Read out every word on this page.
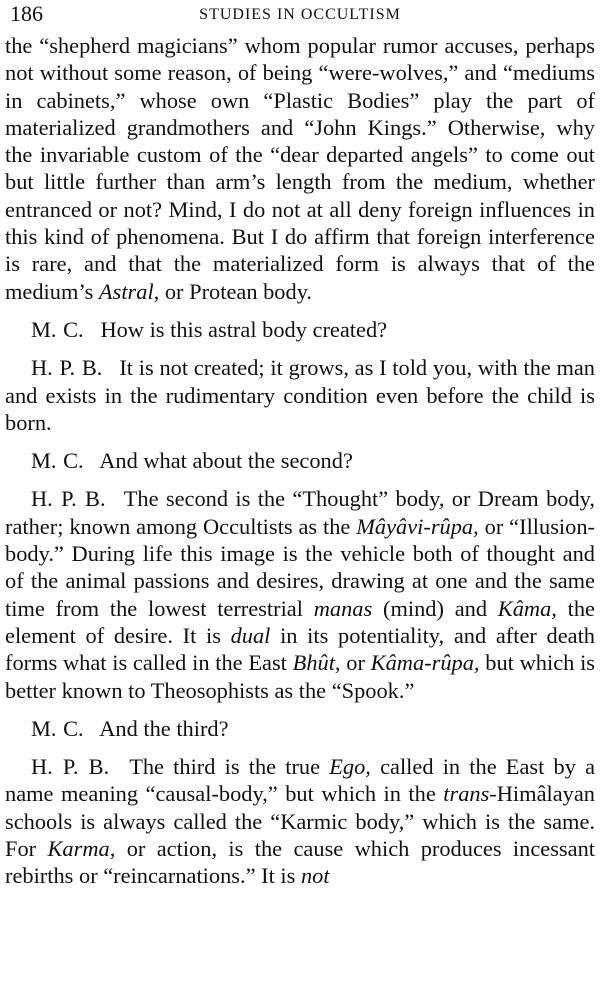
186	STUDIES IN OCCULTISM

the “shepherd magicians” whom popular rumor accuses, perhaps not without some reason, of being “were-wolves,” and “mediums in cabinets,” whose own “Plastic Bodies” play the part of materialized grandmothers and “John Kings.” Otherwise, why the invariable custom of the “dear departed angels” to come out but little further than arm’s length from the medium, whether entranced or not? Mind, I do not at all deny foreign influences in this kind of phenomena. But I do affirm that foreign interference is rare, and that the materialized form is always that of the medium’s Astral, or Protean body.

M. C.  How is this astral body created?

H. P. B.  It is not created; it grows, as I told you, with the man and exists in the rudimentary condition even before the child is born.

M. C.  And what about the second?

H. P. B.  The second is the “Thought” body, or Dream body, rather; known among Occultists as the Mâyâvi-rûpa, or “Illusion-body.” During life this image is the vehicle both of thought and of the animal passions and desires, drawing at one and the same time from the lowest terrestrial manas (mind) and Kâma, the element of desire. It is dual in its potentiality, and after death forms what is called in the East Bhût, or Kâma-rûpa, but which is better known to Theosophists as the “Spook.”

M. C.  And the third?

H. P. B.  The third is the true Ego, called in the East by a name meaning “causal-body,” but which in the trans-Himâlayan schools is always called the “Karmic body,” which is the same. For Karma, or action, is the cause which produces incessant rebirths or “reincarnations.” It is not
